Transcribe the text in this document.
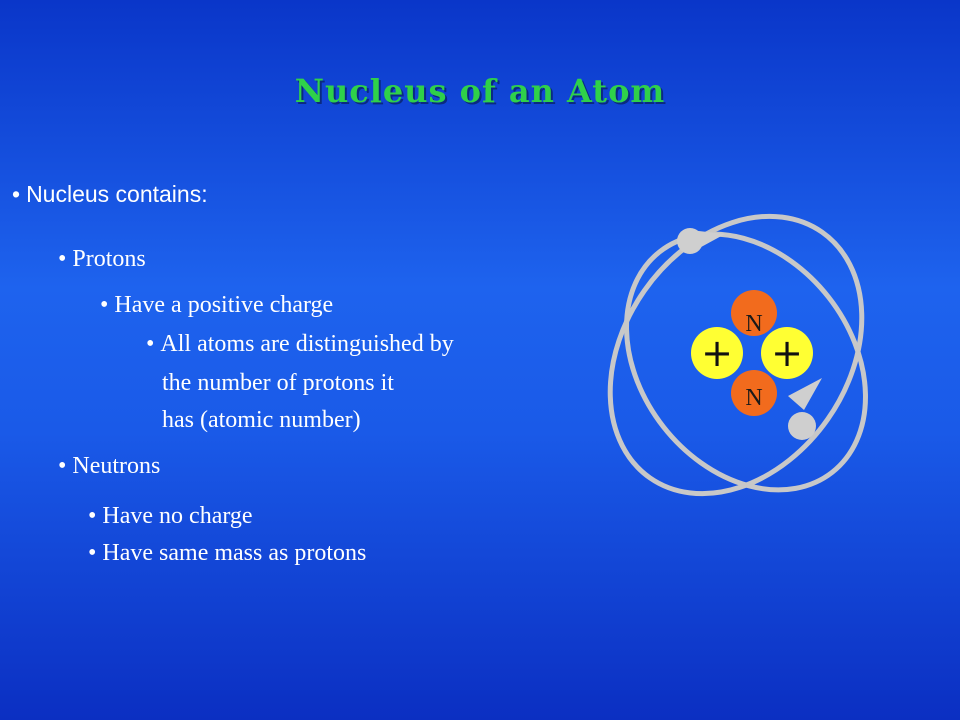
Nucleus of an Atom
• Nucleus contains:
• Protons
• Have a positive charge
• All atoms are distinguished by
the number of protons it
has (atomic number)
• Neutrons
• Have no charge
• Have same mass as protons
N
N
+ +
